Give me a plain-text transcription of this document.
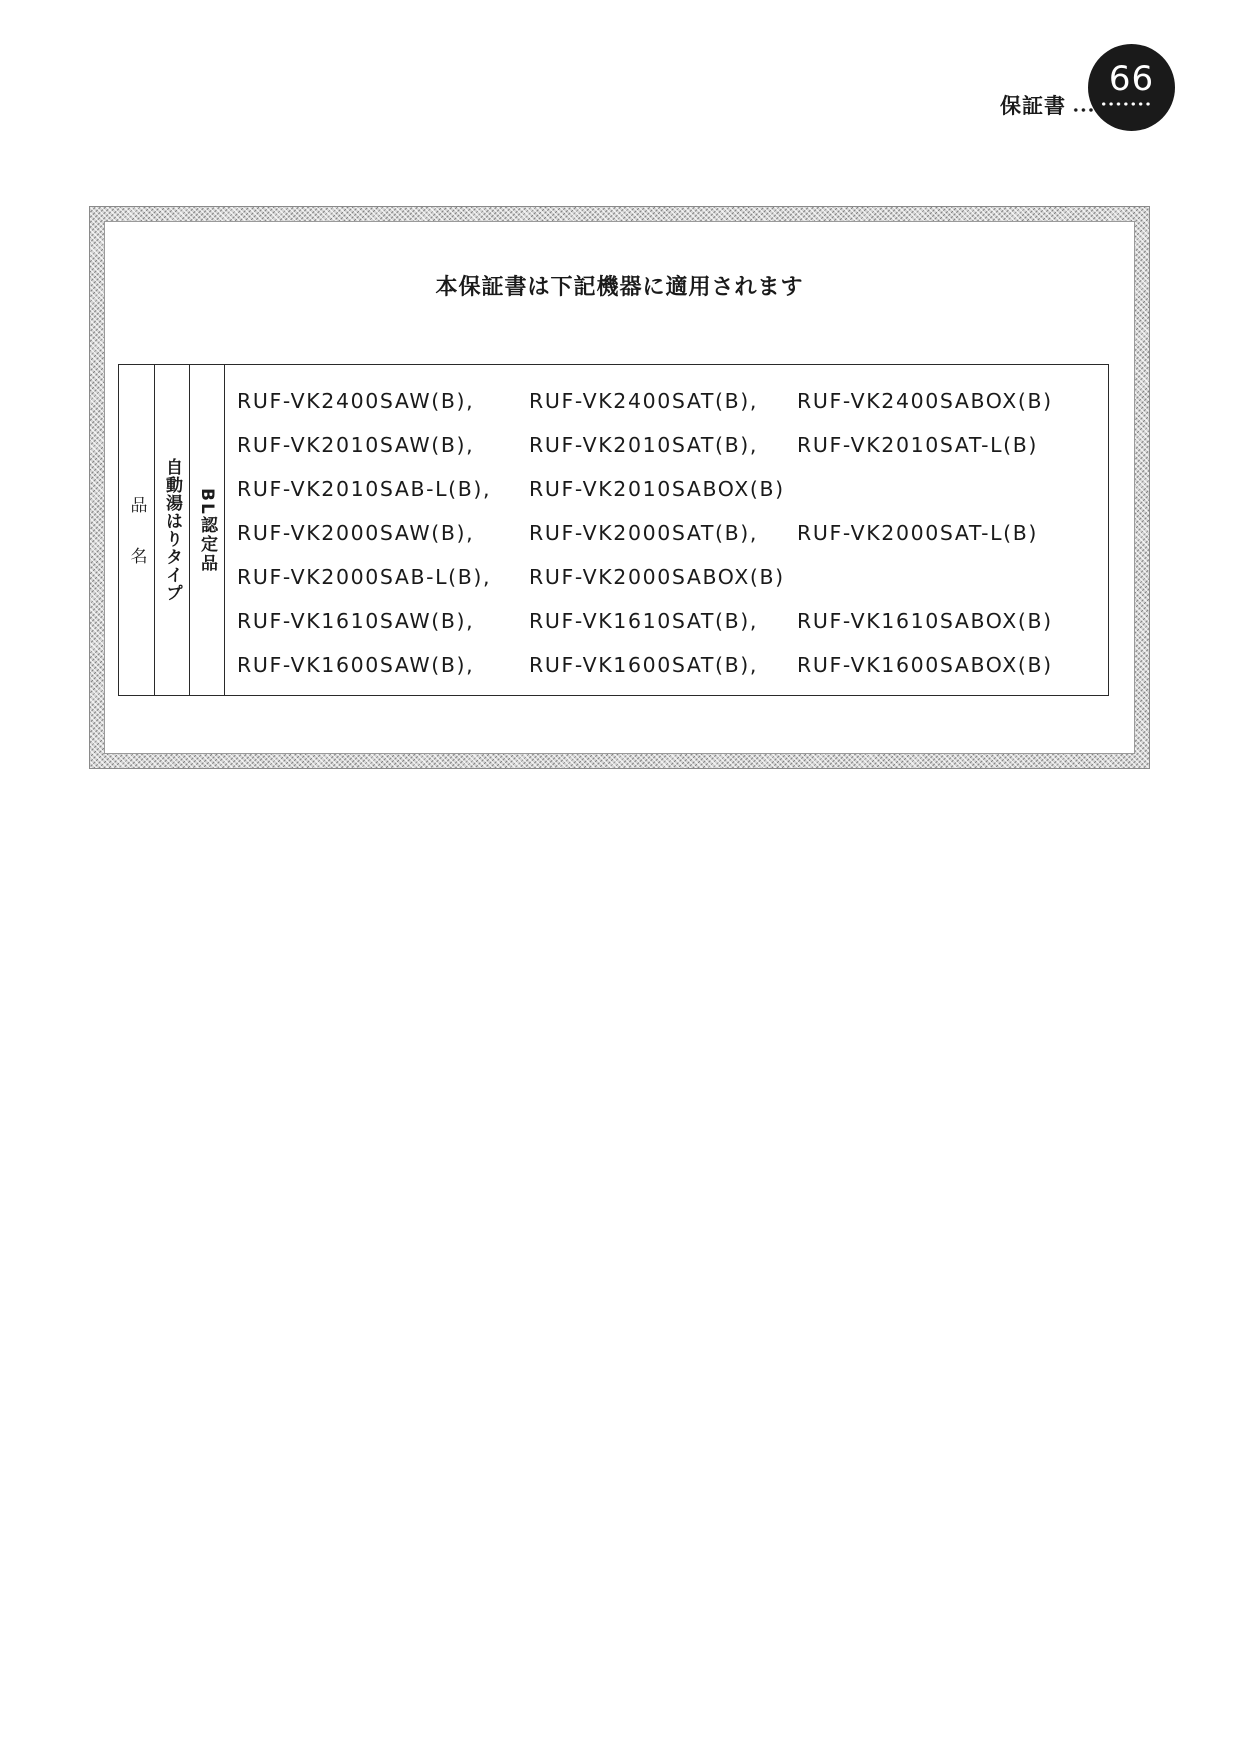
保証書
66
本保証書は下記機器に適用されます
品名 自動湯はりタイプ BL認定品
RUF-VK2400SAW(B),	RUF-VK2400SAT(B),	RUF-VK2400SABOX(B)
RUF-VK2010SAW(B),	RUF-VK2010SAT(B),	RUF-VK2010SAT-L(B)
RUF-VK2010SAB-L(B),	RUF-VK2010SABOX(B)
RUF-VK2000SAW(B),	RUF-VK2000SAT(B),	RUF-VK2000SAT-L(B)
RUF-VK2000SAB-L(B),	RUF-VK2000SABOX(B)
RUF-VK1610SAW(B),	RUF-VK1610SAT(B),	RUF-VK1610SABOX(B)
RUF-VK1600SAW(B),	RUF-VK1600SAT(B),	RUF-VK1600SABOX(B)
